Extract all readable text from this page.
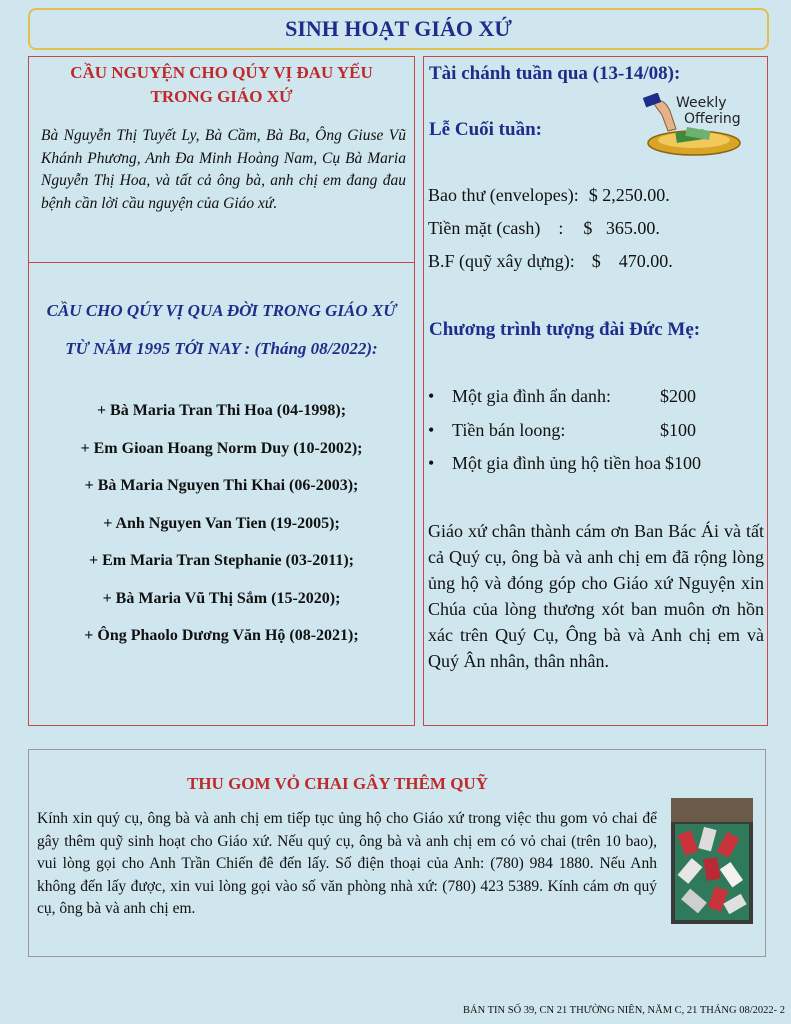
SINH HOẠT GIÁO XỨ
CẦU NGUYỆN CHO QÚY VỊ ĐAU YẾU
TRONG GIÁO XỨ
Bà Nguyễn Thị Tuyết Ly, Bà Cầm, Bà Ba, Ông Giuse Vũ Khánh Phương, Anh Đa Minh Hoàng Nam, Cụ Bà Maria Nguyễn Thị Hoa, và tất cả ông bà, anh chị em đang đau bệnh cần lời cầu nguyện của Giáo xứ.
CẦU CHO QÚY VỊ QUA ĐỜI TRONG GIÁO XỨ
TỪ NĂM 1995 TỚI NAY : (Tháng 08/2022):
+ Bà Maria Tran Thi Hoa (04-1998);
+ Em Gioan Hoang Norm Duy (10-2002);
+ Bà Maria Nguyen Thi Khai (06-2003);
+ Anh Nguyen Van Tien (19-2005);
+ Em Maria Tran Stephanie (03-2011);
+ Bà Maria Vũ Thị Sắm (15-2020);
+ Ông Phaolo Dương Văn Hộ (08-2021);
Tài chánh tuần qua (13-14/08):
Lễ Cuối tuần:
Weekly
Offering
Bao thư (envelopes): $ 2,250.00.
Tiền mặt (cash)    : $   365.00.
B.F (quỹ xây dựng): $    470.00.
Chương trình tượng đài Đức Mẹ:
• Một gia đình ẩn danh:	$200
• Tiền bán loong:	$100
• Một gia đình ủng hộ tiền hoa $100
Giáo xứ chân thành cám ơn Ban Bác Ái và tất cả Quý cụ, ông bà và anh chị em đã rộng lòng ủng hộ và đóng góp cho Giáo xứ Nguyện xin Chúa của lòng thương xót ban muôn ơn hồn xác trên Quý Cụ, Ông bà và Anh chị em và Quý Ân nhân, thân nhân.
THU GOM VỎ CHAI GÂY THÊM QUỸ
Kính xin quý cụ, ông bà và anh chị em tiếp tục ủng hộ cho Giáo xứ trong việc thu gom vỏ chai để gây thêm quỹ sinh hoạt cho Giáo xứ. Nếu quý cụ, ông bà và anh chị em có vỏ chai (trên 10 bao), vui lòng gọi cho Anh Trần Chiến đê đến lấy. Số điện thoại của Anh: (780) 984 1880. Nếu Anh không đến lấy được, xin vui lòng gọi vào số văn phòng nhà xứ: (780) 423 5389. Kính cám ơn quý cụ, ông bà và anh chị em.
BẢN TIN SỐ 39, CN 21 THƯỜNG NIÊN, NĂM C, 21 THÁNG 08/2022- 2
